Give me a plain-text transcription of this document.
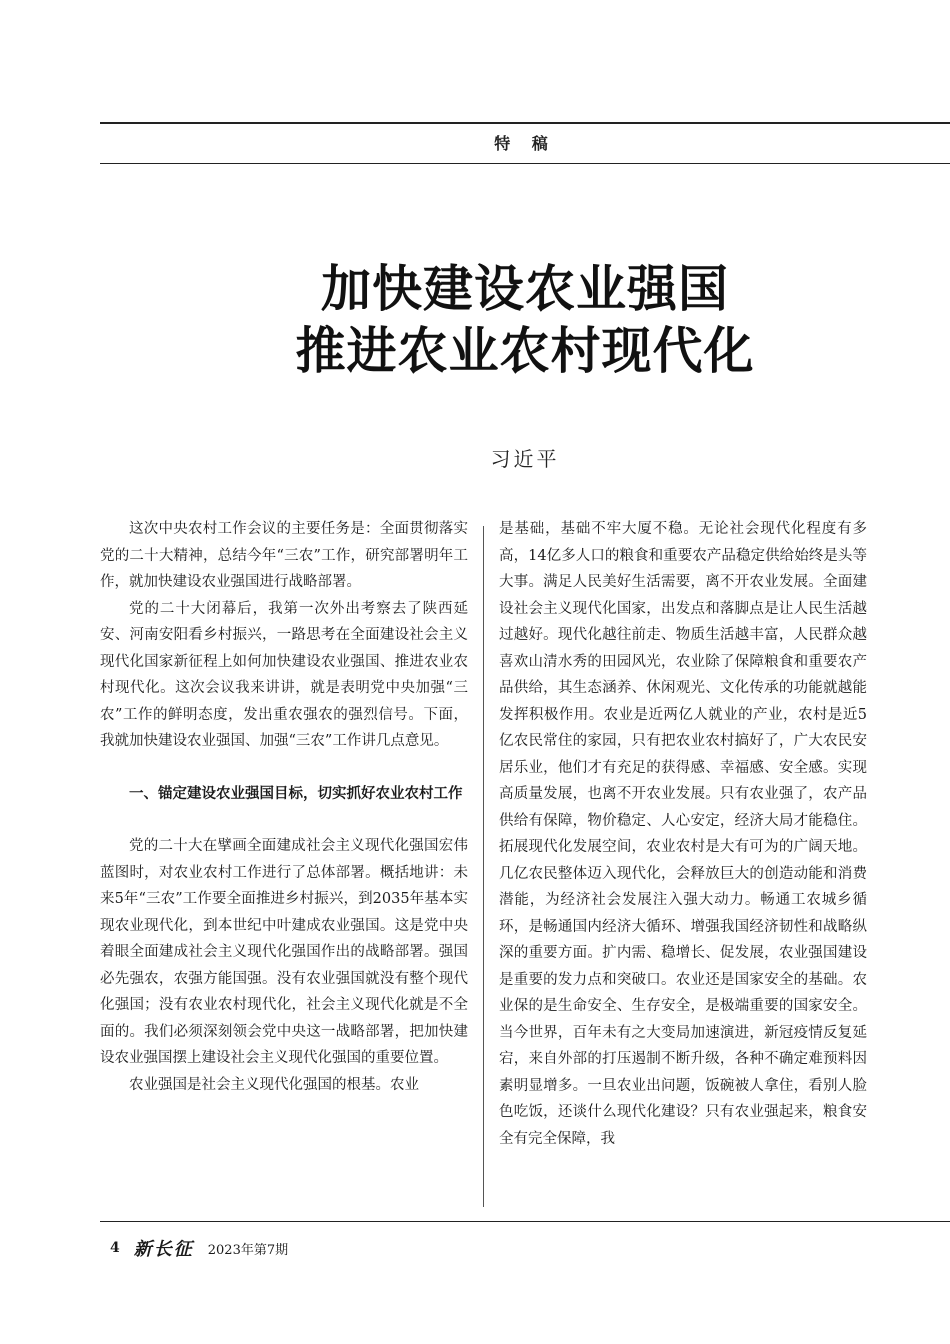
特 稿
加快建设农业强国
推进农业农村现代化
习近平

这次中央农村工作会议的主要任务是：全面贯彻落实党的二十大精神，总结今年“三农”工作，研究部署明年工作，就加快建设农业强国进行战略部署。

党的二十大闭幕后，我第一次外出考察去了陕西延安、河南安阳看乡村振兴，一路思考在全面建设社会主义现代化国家新征程上如何加快建设农业强国、推进农业农村现代化。这次会议我来讲讲，就是表明党中央加强“三农”工作的鲜明态度，发出重农强农的强烈信号。下面，我就加快建设农业强国、加强“三农”工作讲几点意见。

一、锚定建设农业强国目标，切实抓好农业农村工作

党的二十大在擘画全面建成社会主义现代化强国宏伟蓝图时，对农业农村工作进行了总体部署。概括地讲：未来5年“三农”工作要全面推进乡村振兴，到2035年基本实现农业现代化，到本世纪中叶建成农业强国。这是党中央着眼全面建成社会主义现代化强国作出的战略部署。强国必先强农，农强方能国强。没有农业强国就没有整个现代化强国；没有农业农村现代化，社会主义现代化就是不全面的。我们必须深刻领会党中央这一战略部署，把加快建设农业强国摆上建设社会主义现代化强国的重要位置。

农业强国是社会主义现代化强国的根基。农业

是基础，基础不牢大厦不稳。无论社会现代化程度有多高，14亿多人口的粮食和重要农产品稳定供给始终是头等大事。满足人民美好生活需要，离不开农业发展。全面建设社会主义现代化国家，出发点和落脚点是让人民生活越过越好。现代化越往前走、物质生活越丰富，人民群众越喜欢山清水秀的田园风光，农业除了保障粮食和重要农产品供给，其生态涵养、休闲观光、文化传承的功能就越能发挥积极作用。农业是近两亿人就业的产业，农村是近5亿农民常住的家园，只有把农业农村搞好了，广大农民安居乐业，他们才有充足的获得感、幸福感、安全感。实现高质量发展，也离不开农业发展。只有农业强了，农产品供给有保障，物价稳定、人心安定，经济大局才能稳住。拓展现代化发展空间，农业农村是大有可为的广阔天地。几亿农民整体迈入现代化，会释放巨大的创造动能和消费潜能，为经济社会发展注入强大动力。畅通工农城乡循环，是畅通国内经济大循环、增强我国经济韧性和战略纵深的重要方面。扩内需、稳增长、促发展，农业强国建设是重要的发力点和突破口。农业还是国家安全的基础。农业保的是生命安全、生存安全，是极端重要的国家安全。当今世界，百年未有之大变局加速演进，新冠疫情反复延宕，来自外部的打压遏制不断升级，各种不确定难预料因素明显增多。一旦农业出问题，饭碗被人拿住，看别人脸色吃饭，还谈什么现代化建设？只有农业强起来，粮食安全有完全保障，我

4 新长征 2023年第7期
